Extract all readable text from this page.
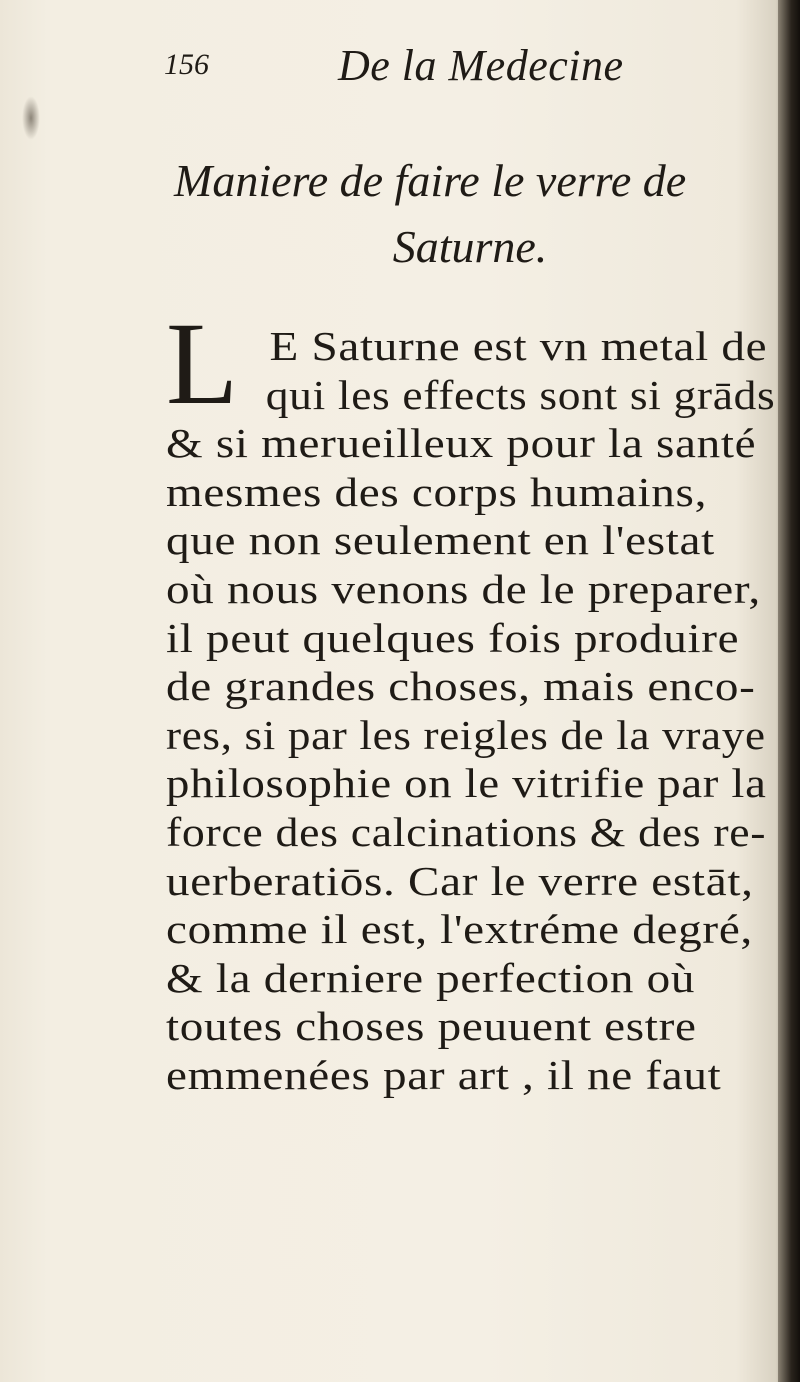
156	De la Medecine
Maniere de faire le verre de
Saturne.
L E Saturne est vn metal de
qui les effects sont si grāds
& si merueilleux pour la santé
mesmes des corps humains,
que non seulement en l'estat
où nous venons de le preparer,
il peut quelques fois produire
de grandes choses, mais enco-
res, si par les reigles de la vraye
philosophie on le vitrifie par la
force des calcinations & des re-
uerberatiōs. Car le verre estāt,
comme il est, l'extréme degré,
& la derniere perfection où
toutes choses peuuent estre
emmenées par art , il ne faut
